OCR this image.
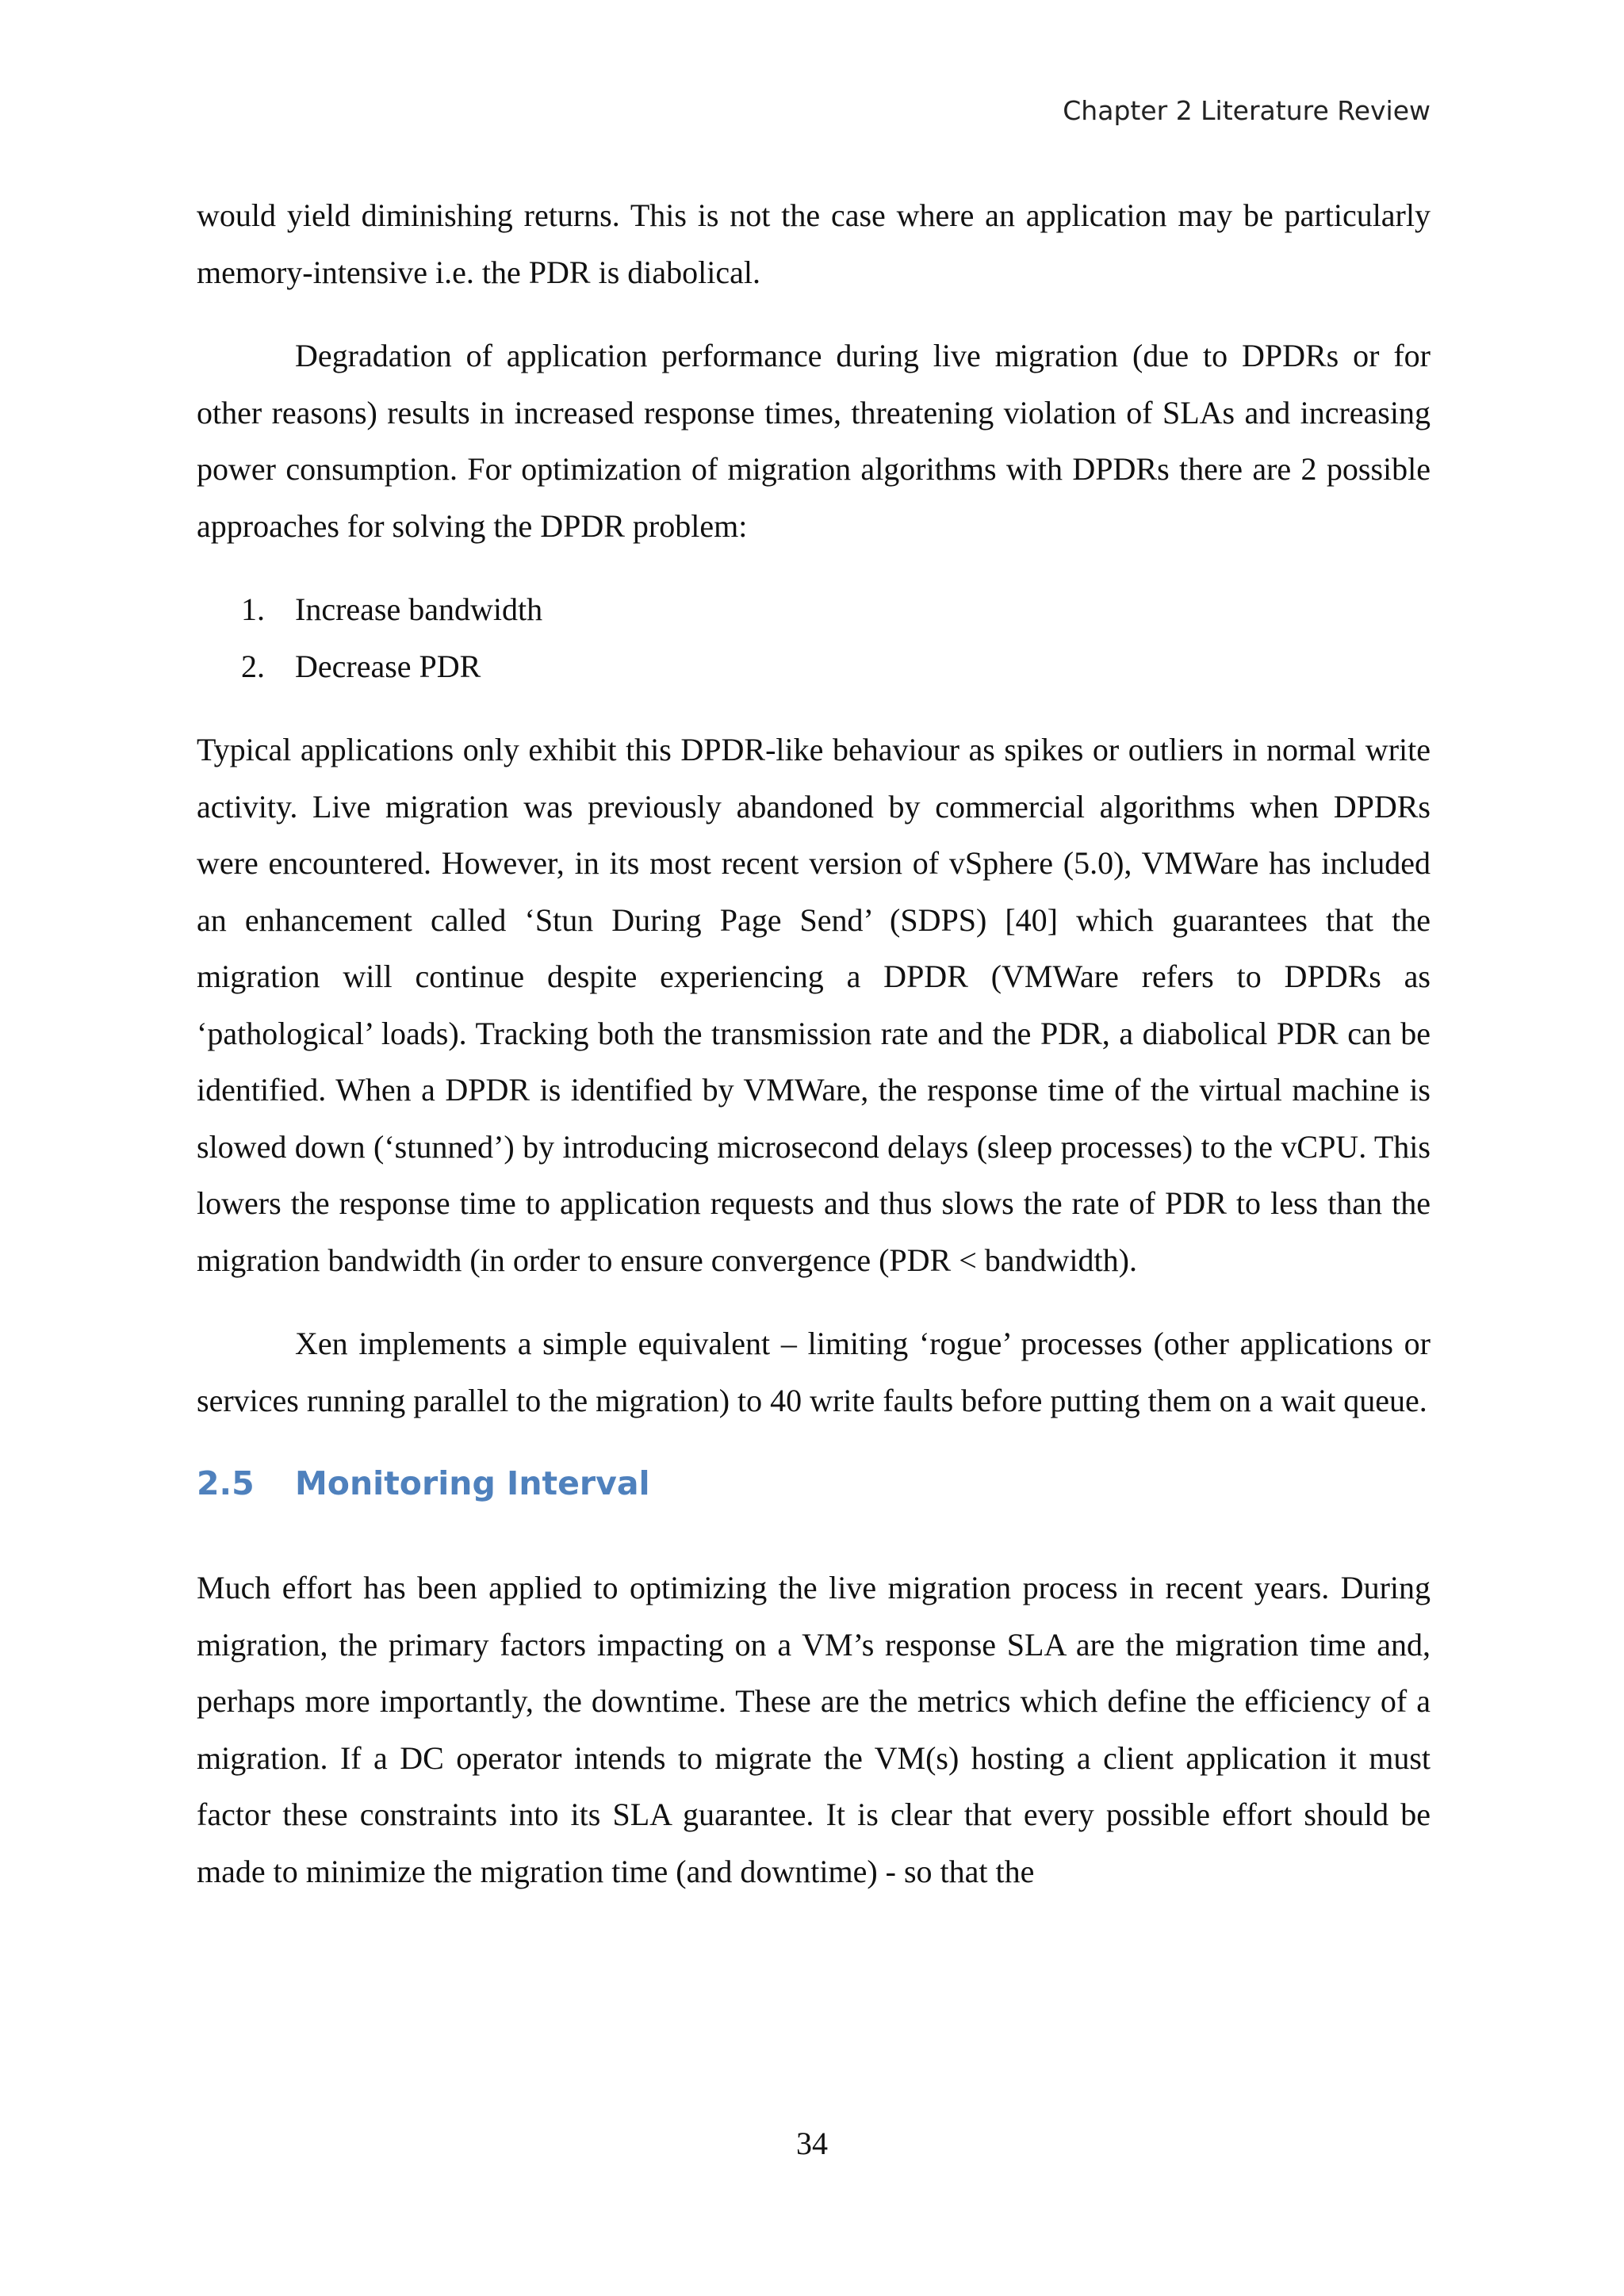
Chapter 2 Literature Review

would yield diminishing returns. This is not the case where an application may be particularly memory-intensive i.e. the PDR is diabolical.

Degradation of application performance during live migration (due to DPDRs or for other reasons) results in increased response times, threatening violation of SLAs and increasing power consumption. For optimization of migration algorithms with DPDRs there are 2 possible approaches for solving the DPDR problem:

1. Increase bandwidth
2. Decrease PDR

Typical applications only exhibit this DPDR-like behaviour as spikes or outliers in normal write activity. Live migration was previously abandoned by commercial algorithms when DPDRs were encountered. However, in its most recent version of vSphere (5.0), VMWare has included an enhancement called ‘Stun During Page Send’ (SDPS) [40] which guarantees that the migration will continue despite experiencing a DPDR (VMWare refers to DPDRs as ‘pathological’ loads). Tracking both the transmission rate and the PDR, a diabolical PDR can be identified. When a DPDR is identified by VMWare, the response time of the virtual machine is slowed down (‘stunned’) by introducing microsecond delays (sleep processes) to the vCPU. This lowers the response time to application requests and thus slows the rate of PDR to less than the migration bandwidth (in order to ensure convergence (PDR < bandwidth).

Xen implements a simple equivalent – limiting ‘rogue’ processes (other applications or services running parallel to the migration) to 40 write faults before putting them on a wait queue.

2.5 Monitoring Interval

Much effort has been applied to optimizing the live migration process in recent years. During migration, the primary factors impacting on a VM’s response SLA are the migration time and, perhaps more importantly, the downtime. These are the metrics which define the efficiency of a migration. If a DC operator intends to migrate the VM(s) hosting a client application it must factor these constraints into its SLA guarantee. It is clear that every possible effort should be made to minimize the migration time (and downtime) - so that the

34
